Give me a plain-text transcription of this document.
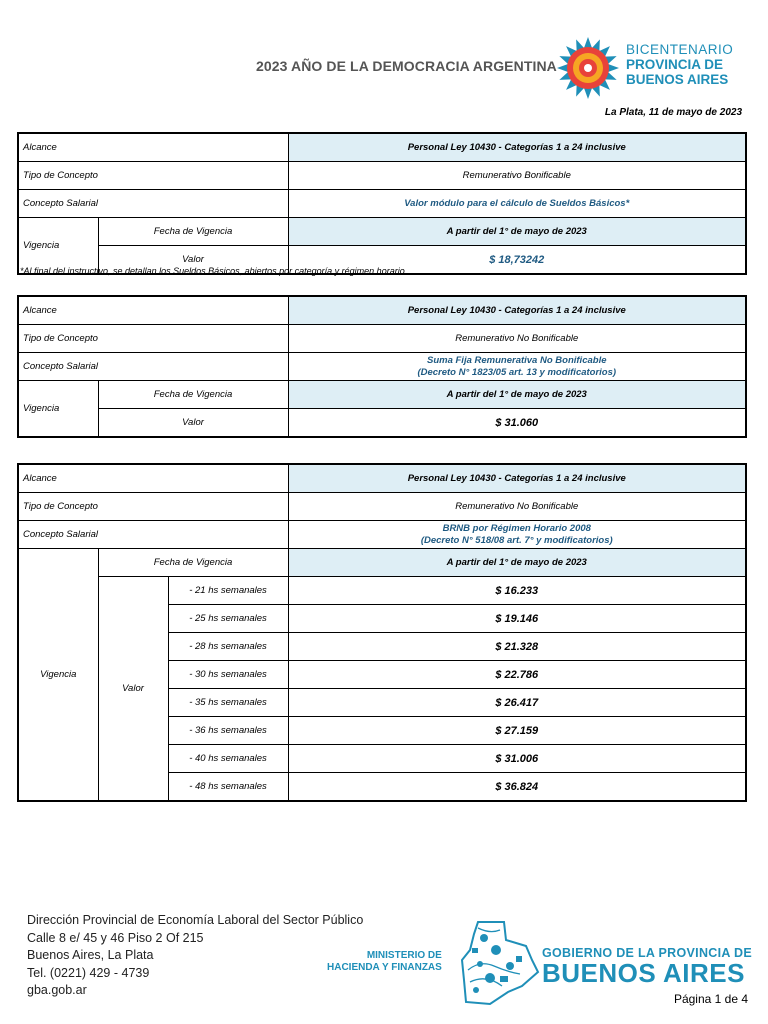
2023 AÑO DE LA DEMOCRACIA ARGENTINA
BICENTENARIO
PROVINCIA DE
BUENOS AIRES
La Plata, 11 de mayo de 2023
Alcance		Personal Ley 10430 - Categorías 1 a 24 inclusive
Tipo de Concepto		Remunerativo Bonificable
Concepto Salarial		Valor módulo para el cálculo de Sueldos Básicos*
Vigencia	Fecha de Vigencia	A partir del 1° de mayo de 2023
	Valor	$ 18,73242
*Al final del instructivo, se detallan los Sueldos Básicos, abiertos por categoría y régimen horario.
Alcance		Personal Ley 10430 - Categorías 1 a 24 inclusive
Tipo de Concepto		Remunerativo No Bonificable
Concepto Salarial		Suma Fija Remunerativa No Bonificable
(Decreto N° 1823/05 art. 13 y modificatorios)

Vigencia	Fecha de Vigencia	A partir del 1° de mayo de 2023
	Valor	$ 31.060
Alcance			Personal Ley 10430 - Categorías 1 a 24 inclusive
Tipo de Concepto			Remunerativo No Bonificable
Concepto Salarial			BRNB por Régimen Horario 2008
(Decreto N° 518/08 art. 7° y modificatorios)

Vigencia	Fecha de Vigencia		A partir del 1° de mayo de 2023
	Valor	- 21 hs semanales	$ 16.233
		- 25 hs semanales	$ 19.146
		- 28 hs semanales	$ 21.328
		- 30 hs semanales	$ 22.786
		- 35 hs semanales	$ 26.417
		- 36 hs semanales	$ 27.159
		- 40 hs semanales	$ 31.006
		- 48 hs semanales	$ 36.824
Dirección Provincial de Economía Laboral del Sector Público
Calle 8 e/ 45 y 46 Piso 2 Of 215
Buenos Aires, La Plata
Tel. (0221) 429 - 4739
gba.gob.ar
MINISTERIO DE
HACIENDA Y FINANZAS
GOBIERNO DE LA PROVINCIA DE
BUENOS AIRES
Página 1 de 4
